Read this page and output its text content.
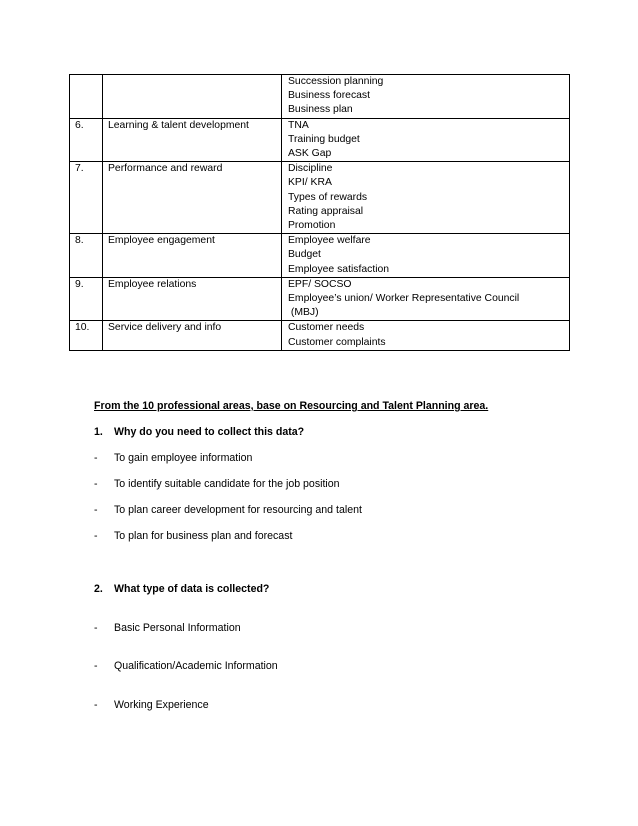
		Succession planning
Business forecast
Business plan

6.	Learning & talent development	TNA
Training budget
ASK Gap

7.	Performance and reward	Discipline
KPI/ KRA
Types of rewards
Rating appraisal
Promotion

8.	Employee engagement	Employee welfare
Budget
Employee satisfaction

9.	Employee relations	EPF/ SOCSO
Employee’s union/ Worker Representative Council
(MBJ)

10.	Service delivery and info	Customer needs
Customer complaints
From the 10 professional areas, base on Resourcing and Talent Planning area.
1. Why do you need to collect this data?
- To gain employee information
- To identify suitable candidate for the job position
- To plan career development for resourcing and talent
- To plan for business plan and forecast
2. What type of data is collected?
- Basic Personal Information
- Qualification/Academic Information
- Working Experience
